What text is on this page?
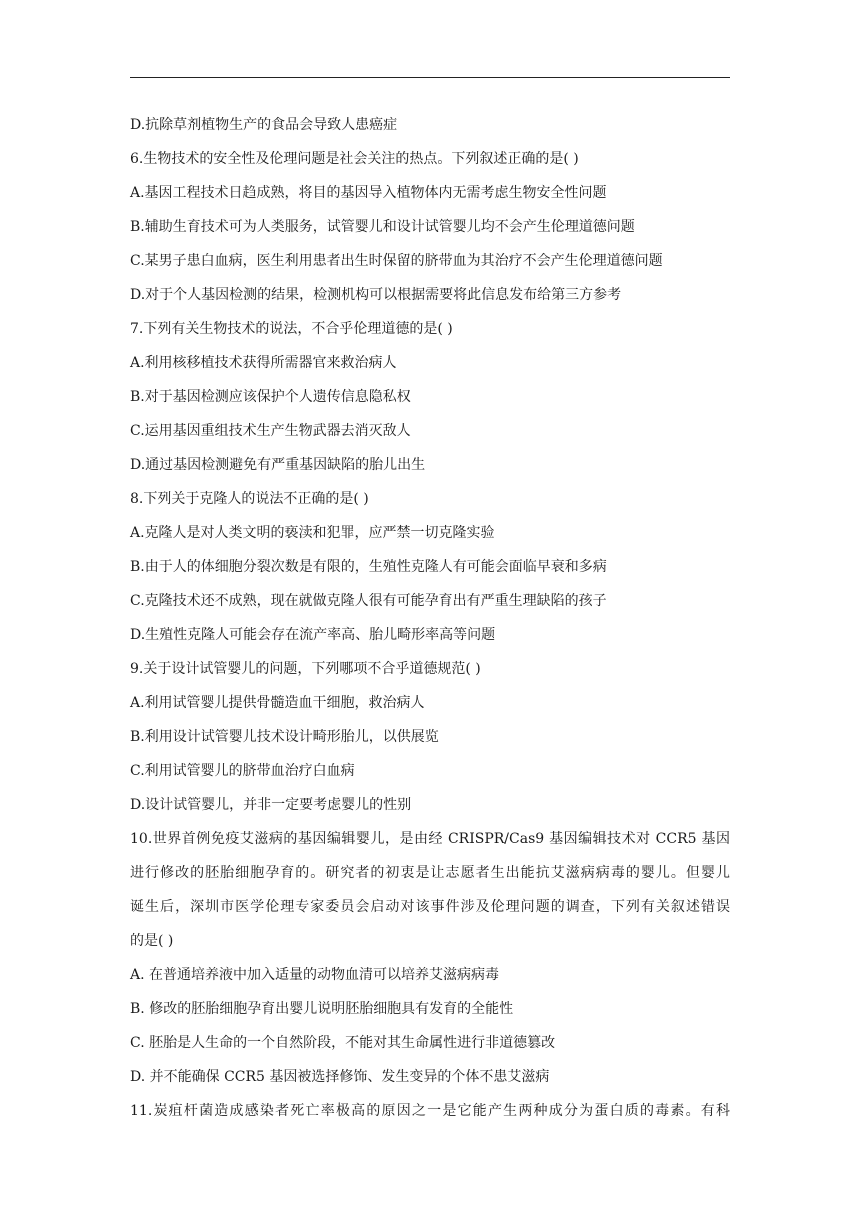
D.抗除草剂植物生产的食品会导致人患癌症
6.生物技术的安全性及伦理问题是社会关注的热点。下列叙述正确的是( )
A.基因工程技术日趋成熟，将目的基因导入植物体内无需考虑生物安全性问题
B.辅助生育技术可为人类服务，试管婴儿和设计试管婴儿均不会产生伦理道德问题
C.某男子患白血病，医生利用患者出生时保留的脐带血为其治疗不会产生伦理道德问题
D.对于个人基因检测的结果，检测机构可以根据需要将此信息发布给第三方参考
7.下列有关生物技术的说法，不合乎伦理道德的是( )
A.利用核移植技术获得所需器官来救治病人
B.对于基因检测应该保护个人遗传信息隐私权
C.运用基因重组技术生产生物武器去消灭敌人
D.通过基因检测避免有严重基因缺陷的胎儿出生
8.下列关于克隆人的说法不正确的是( )
A.克隆人是对人类文明的亵渎和犯罪，应严禁一切克隆实验
B.由于人的体细胞分裂次数是有限的，生殖性克隆人有可能会面临早衰和多病
C.克隆技术还不成熟，现在就做克隆人很有可能孕育出有严重生理缺陷的孩子
D.生殖性克隆人可能会存在流产率高、胎儿畸形率高等问题
9.关于设计试管婴儿的问题，下列哪项不合乎道德规范( )
A.利用试管婴儿提供骨髓造血干细胞，救治病人
B.利用设计试管婴儿技术设计畸形胎儿，以供展览
C.利用试管婴儿的脐带血治疗白血病
D.设计试管婴儿，并非一定要考虑婴儿的性别
10.世界首例免疫艾滋病的基因编辑婴儿，是由经 CRISPR/Cas9 基因编辑技术对 CCR5 基因
进行修改的胚胎细胞孕育的。研究者的初衷是让志愿者生出能抗艾滋病病毒的婴儿。但婴儿
诞生后，深圳市医学伦理专家委员会启动对该事件涉及伦理问题的调查，下列有关叙述错误
的是( )
A. 在普通培养液中加入适量的动物血清可以培养艾滋病病毒
B. 修改的胚胎细胞孕育出婴儿说明胚胎细胞具有发育的全能性
C. 胚胎是人生命的一个自然阶段，不能对其生命属性进行非道德篡改
D. 并不能确保 CCR5 基因被选择修饰、发生变异的个体不患艾滋病
11.炭疽杆菌造成感染者死亡率极高的原因之一是它能产生两种成分为蛋白质的毒素。有科
